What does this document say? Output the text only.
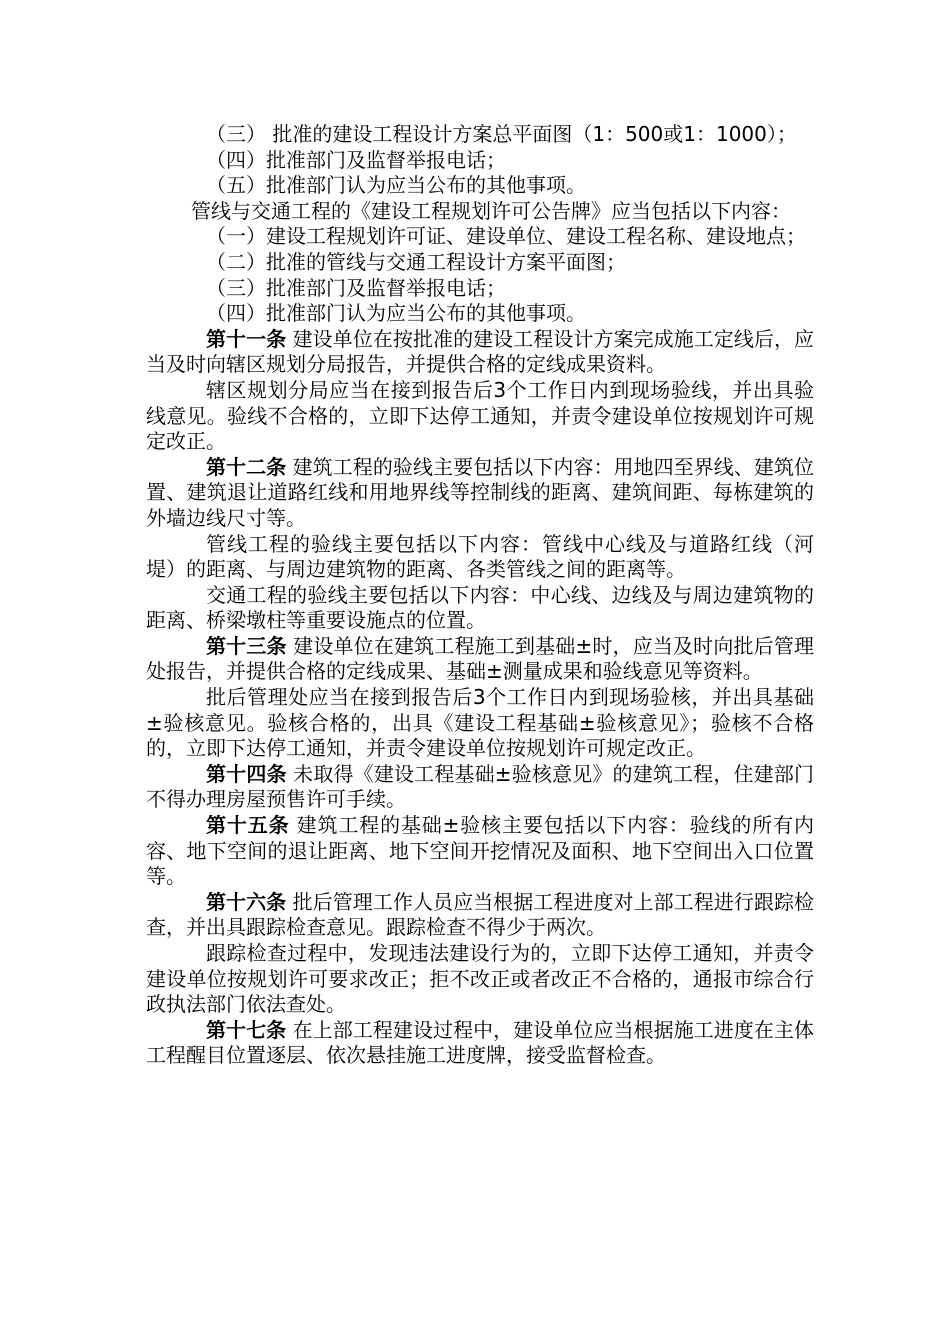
（三） 批准的建设工程设计方案总平面图（1：500或1：1000）；

（四）批准部门及监督举报电话；

（五）批准部门认为应当公布的其他事项。

管线与交通工程的《建设工程规划许可公告牌》应当包括以下内容：

（一）建设工程规划许可证、建设单位、建设工程名称、建设地点；

（二）批准的管线与交通工程设计方案平面图；

（三）批准部门及监督举报电话；

（四）批准部门认为应当公布的其他事项。

第十一条 建设单位在按批准的建设工程设计方案完成施工定线后，应当及时向辖区规划分局报告，并提供合格的定线成果资料。

辖区规划分局应当在接到报告后3个工作日内到现场验线，并出具验线意见。验线不合格的，立即下达停工通知，并责令建设单位按规划许可规定改正。

第十二条 建筑工程的验线主要包括以下内容：用地四至界线、建筑位置、建筑退让道路红线和用地界线等控制线的距离、建筑间距、每栋建筑的外墙边线尺寸等。

管线工程的验线主要包括以下内容：管线中心线及与道路红线（河堤）的距离、与周边建筑物的距离、各类管线之间的距离等。

交通工程的验线主要包括以下内容：中心线、边线及与周边建筑物的距离、桥梁墩柱等重要设施点的位置。

第十三条 建设单位在建筑工程施工到基础±时，应当及时向批后管理处报告，并提供合格的定线成果、基础±测量成果和验线意见等资料。

批后管理处应当在接到报告后3个工作日内到现场验核，并出具基础±验核意见。验核合格的，出具《建设工程基础±验核意见》；验核不合格的，立即下达停工通知，并责令建设单位按规划许可规定改正。

第十四条 未取得《建设工程基础±验核意见》的建筑工程，住建部门不得办理房屋预售许可手续。

第十五条 建筑工程的基础±验核主要包括以下内容：验线的所有内容、地下空间的退让距离、地下空间开挖情况及面积、地下空间出入口位置等。

第十六条 批后管理工作人员应当根据工程进度对上部工程进行跟踪检查，并出具跟踪检查意见。跟踪检查不得少于两次。

跟踪检查过程中，发现违法建设行为的，立即下达停工通知，并责令建设单位按规划许可要求改正；拒不改正或者改正不合格的，通报市综合行政执法部门依法查处。

第十七条 在上部工程建设过程中，建设单位应当根据施工进度在主体工程醒目位置逐层、依次悬挂施工进度牌，接受监督检查。
